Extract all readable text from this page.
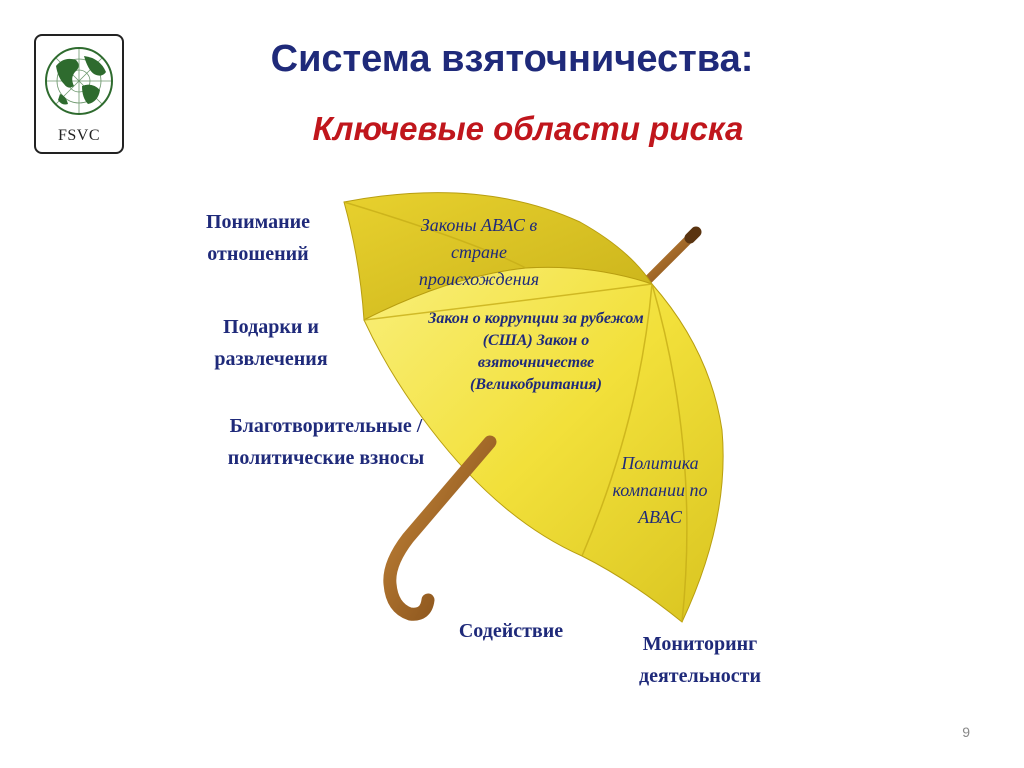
FSVC
Система взяточничества:
Ключевые области риска
Понимание отношений
Подарки и развлечения
Благотворительные / политические взносы
Содействие
Мониторинг деятельности
Законы АВАС в стране происхождения
Закон о коррупции за рубежом (США) Закон о взяточничестве (Великобритания)
Политика компании по АВАС
9
